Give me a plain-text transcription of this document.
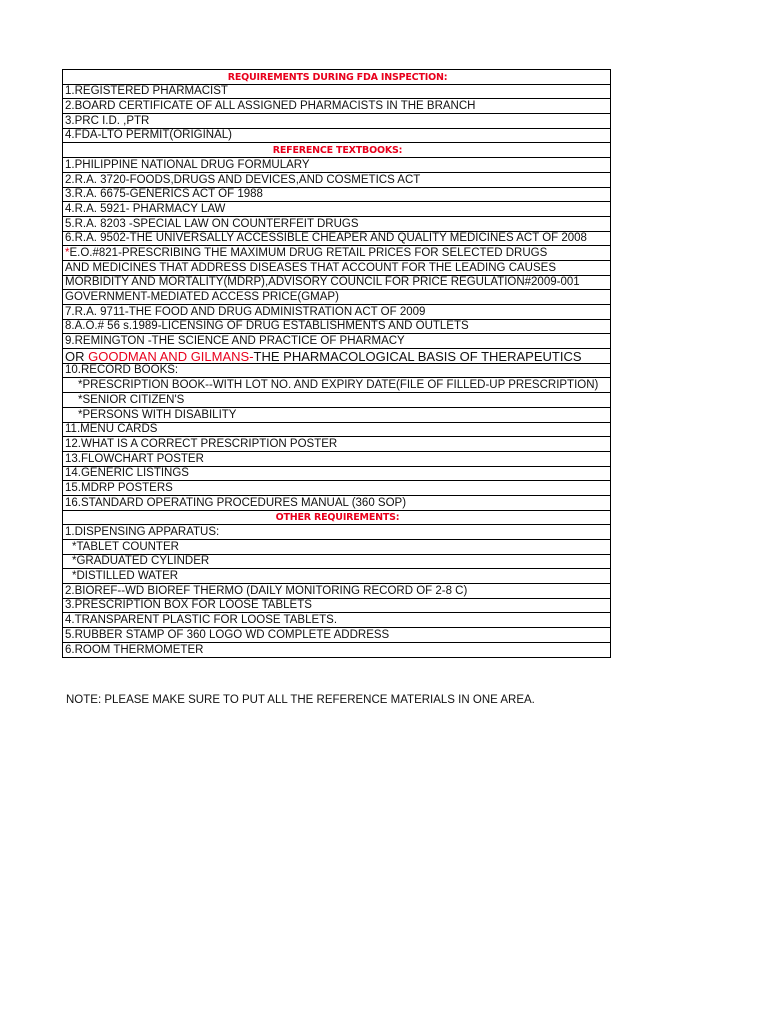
REQUIREMENTS DURING FDA INSPECTION:
1.REGISTERED PHARMACIST
2.BOARD CERTIFICATE OF ALL ASSIGNED PHARMACISTS IN THE BRANCH
3.PRC I.D. ,PTR
4.FDA-LTO PERMIT(ORIGINAL)
REFERENCE TEXTBOOKS:
1.PHILIPPINE NATIONAL DRUG FORMULARY
2.R.A. 3720-FOODS,DRUGS AND DEVICES,AND COSMETICS ACT
3.R.A. 6675-GENERICS ACT OF 1988
4.R.A. 5921- PHARMACY LAW
5.R.A. 8203 -SPECIAL LAW ON COUNTERFEIT DRUGS
6.R.A. 9502-THE UNIVERSALLY ACCESSIBLE CHEAPER AND QUALITY MEDICINES ACT OF 2008
*E.O.#821-PRESCRIBING THE MAXIMUM DRUG RETAIL PRICES FOR SELECTED DRUGS
AND MEDICINES THAT ADDRESS DISEASES THAT ACCOUNT FOR THE LEADING CAUSES
MORBIDITY AND MORTALITY(MDRP),ADVISORY COUNCIL FOR PRICE REGULATION#2009-001
GOVERNMENT-MEDIATED ACCESS PRICE(GMAP)
7.R.A. 9711-THE FOOD AND DRUG ADMINISTRATION ACT OF 2009
8.A.O.# 56 s.1989-LICENSING OF DRUG ESTABLISHMENTS AND OUTLETS
9.REMINGTON -THE SCIENCE AND PRACTICE OF PHARMACY
OR GOODMAN AND GILMANS-THE PHARMACOLOGICAL BASIS OF THERAPEUTICS
10.RECORD BOOKS:
*PRESCRIPTION BOOK--WITH LOT NO. AND EXPIRY DATE(FILE OF FILLED-UP PRESCRIPTION)
*SENIOR CITIZEN'S
*PERSONS WITH DISABILITY
11.MENU CARDS
12.WHAT IS A CORRECT PRESCRIPTION POSTER
13.FLOWCHART POSTER
14.GENERIC LISTINGS
15.MDRP POSTERS
16.STANDARD OPERATING PROCEDURES MANUAL (360 SOP)
OTHER REQUIREMENTS:
1.DISPENSING APPARATUS:
*TABLET COUNTER
*GRADUATED CYLINDER
*DISTILLED WATER
2.BIOREF--WD BIOREF THERMO (DAILY MONITORING RECORD OF 2-8 C)
3.PRESCRIPTION BOX FOR LOOSE TABLETS
4.TRANSPARENT PLASTIC FOR LOOSE TABLETS.
5.RUBBER STAMP OF 360 LOGO WD COMPLETE ADDRESS
6.ROOM THERMOMETER
NOTE: PLEASE MAKE SURE TO PUT ALL THE REFERENCE MATERIALS IN ONE AREA.
